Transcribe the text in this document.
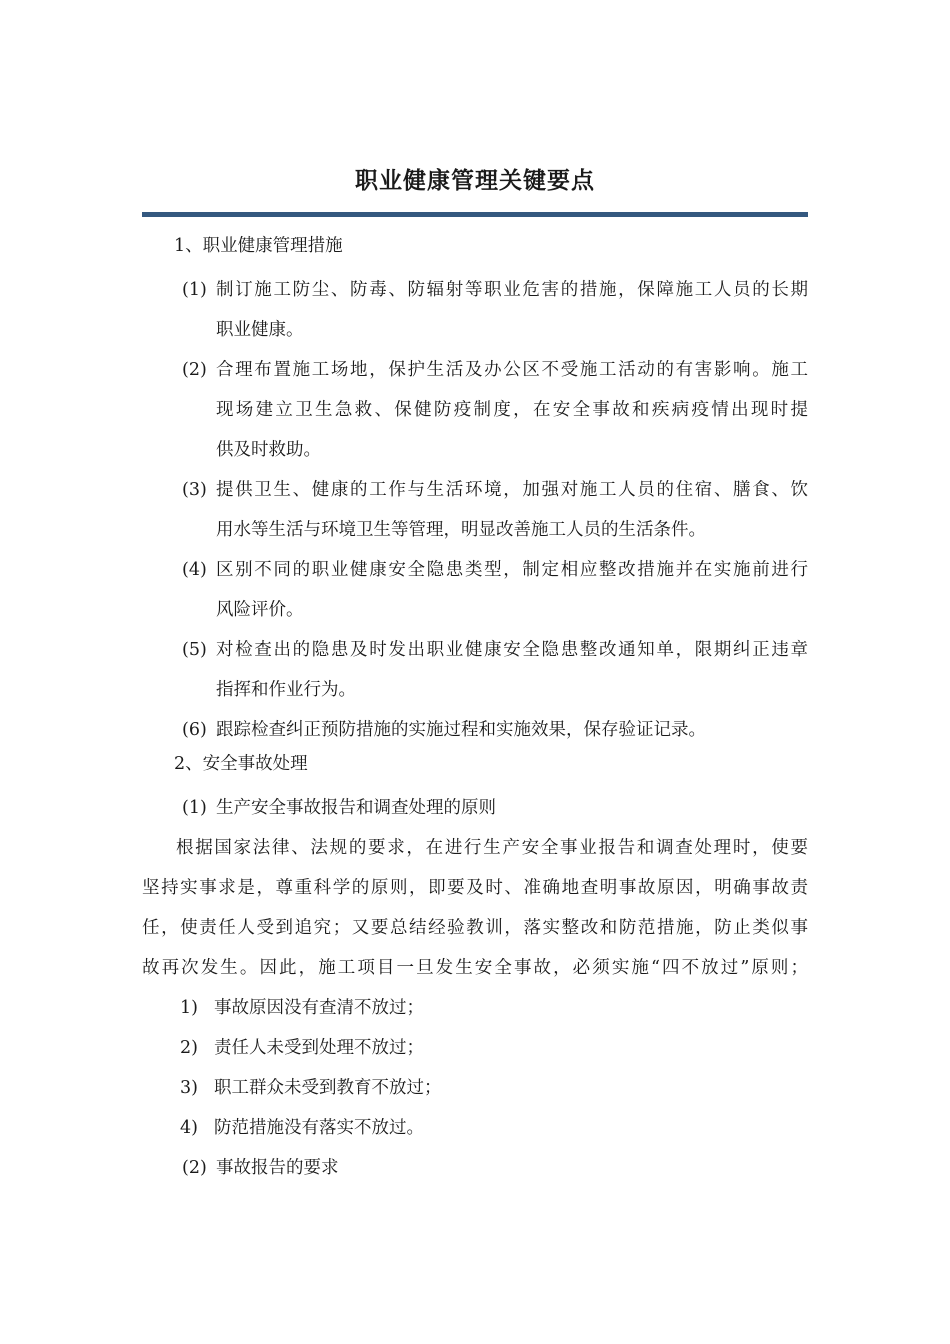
职业健康管理关键要点
1、职业健康管理措施
(1) 制订施工防尘、防毒、防辐射等职业危害的措施，保障施工人员的长期
职业健康。
(2) 合理布置施工场地，保护生活及办公区不受施工活动的有害影响。施工
现场建立卫生急救、保健防疫制度，在安全事故和疾病疫情出现时提
供及时救助。
(3) 提供卫生、健康的工作与生活环境，加强对施工人员的住宿、膳食、饮
用水等生活与环境卫生等管理，明显改善施工人员的生活条件。
(4) 区别不同的职业健康安全隐患类型，制定相应整改措施并在实施前进行
风险评价。
(5) 对检查出的隐患及时发出职业健康安全隐患整改通知单，限期纠正违章
指挥和作业行为。
(6) 跟踪检查纠正预防措施的实施过程和实施效果，保存验证记录。
2、安全事故处理
(1) 生产安全事故报告和调查处理的原则
根据国家法律、法规的要求，在进行生产安全事业报告和调查处理时，使要
坚持实事求是，尊重科学的原则，即要及时、准确地查明事故原因，明确事故责
任，使责任人受到追究；又要总结经验教训，落实整改和防范措施，防止类似事
故再次发生。因此，施工项目一旦发生安全事故，必须实施“四不放过”原则；
1) 事故原因没有查清不放过；
2) 责任人未受到处理不放过；
3) 职工群众未受到教育不放过；
4) 防范措施没有落实不放过。
(2) 事故报告的要求
